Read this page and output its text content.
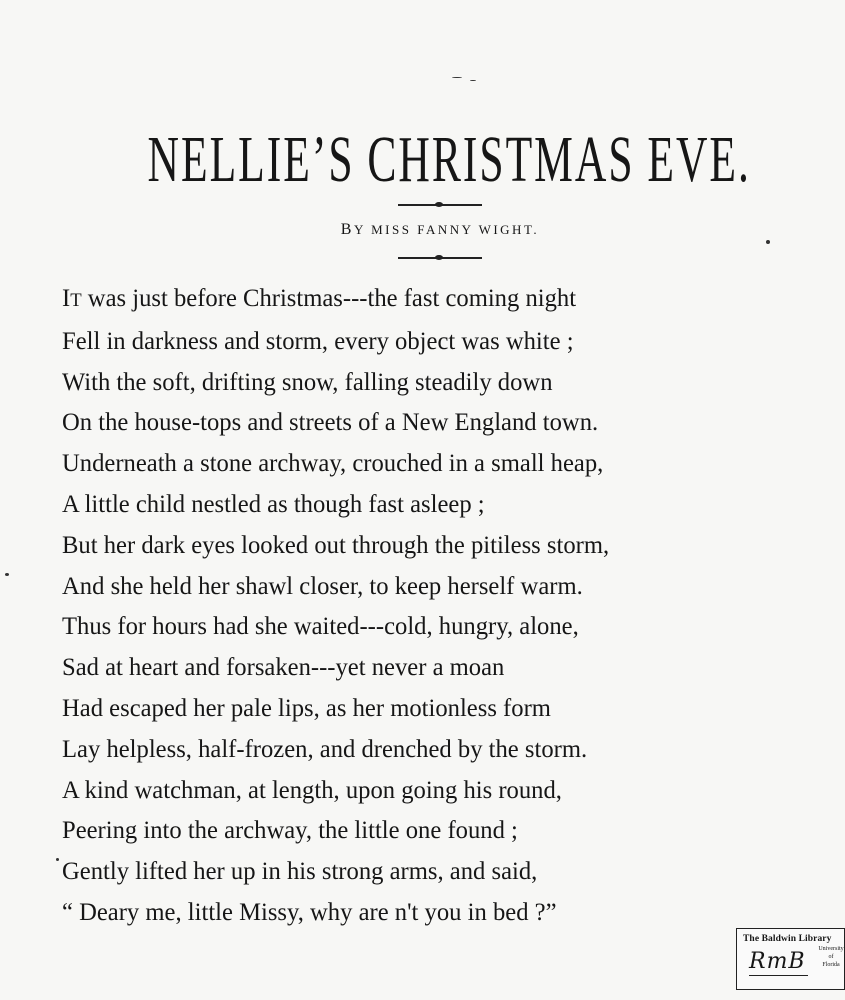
NELLIE’S CHRISTMAS EVE.
BY MISS FANNY WIGHT.
IT was just before Christmas---the fast coming night
Fell in darkness and storm, every object was white ;
With the soft, drifting snow, falling steadily down
On the house-tops and streets of a New England town.
Underneath a stone archway, crouched in a small heap,
A little child nestled as though fast asleep ;
But her dark eyes looked out through the pitiless storm,
And she held her shawl closer, to keep herself warm.
Thus for hours had she waited---cold, hungry, alone,
Sad at heart and forsaken---yet never a moan
Had escaped her pale lips, as her motionless form
Lay helpless, half-frozen, and drenched by the storm.
A kind watchman, at length, upon going his round,
Peering into the archway, the little one found ;
Gently lifted her up in his strong arms, and said,
“ Deary me, little Missy, why are n't you in bed ?”
The Baldwin Library
RmB	University
of
Florida
